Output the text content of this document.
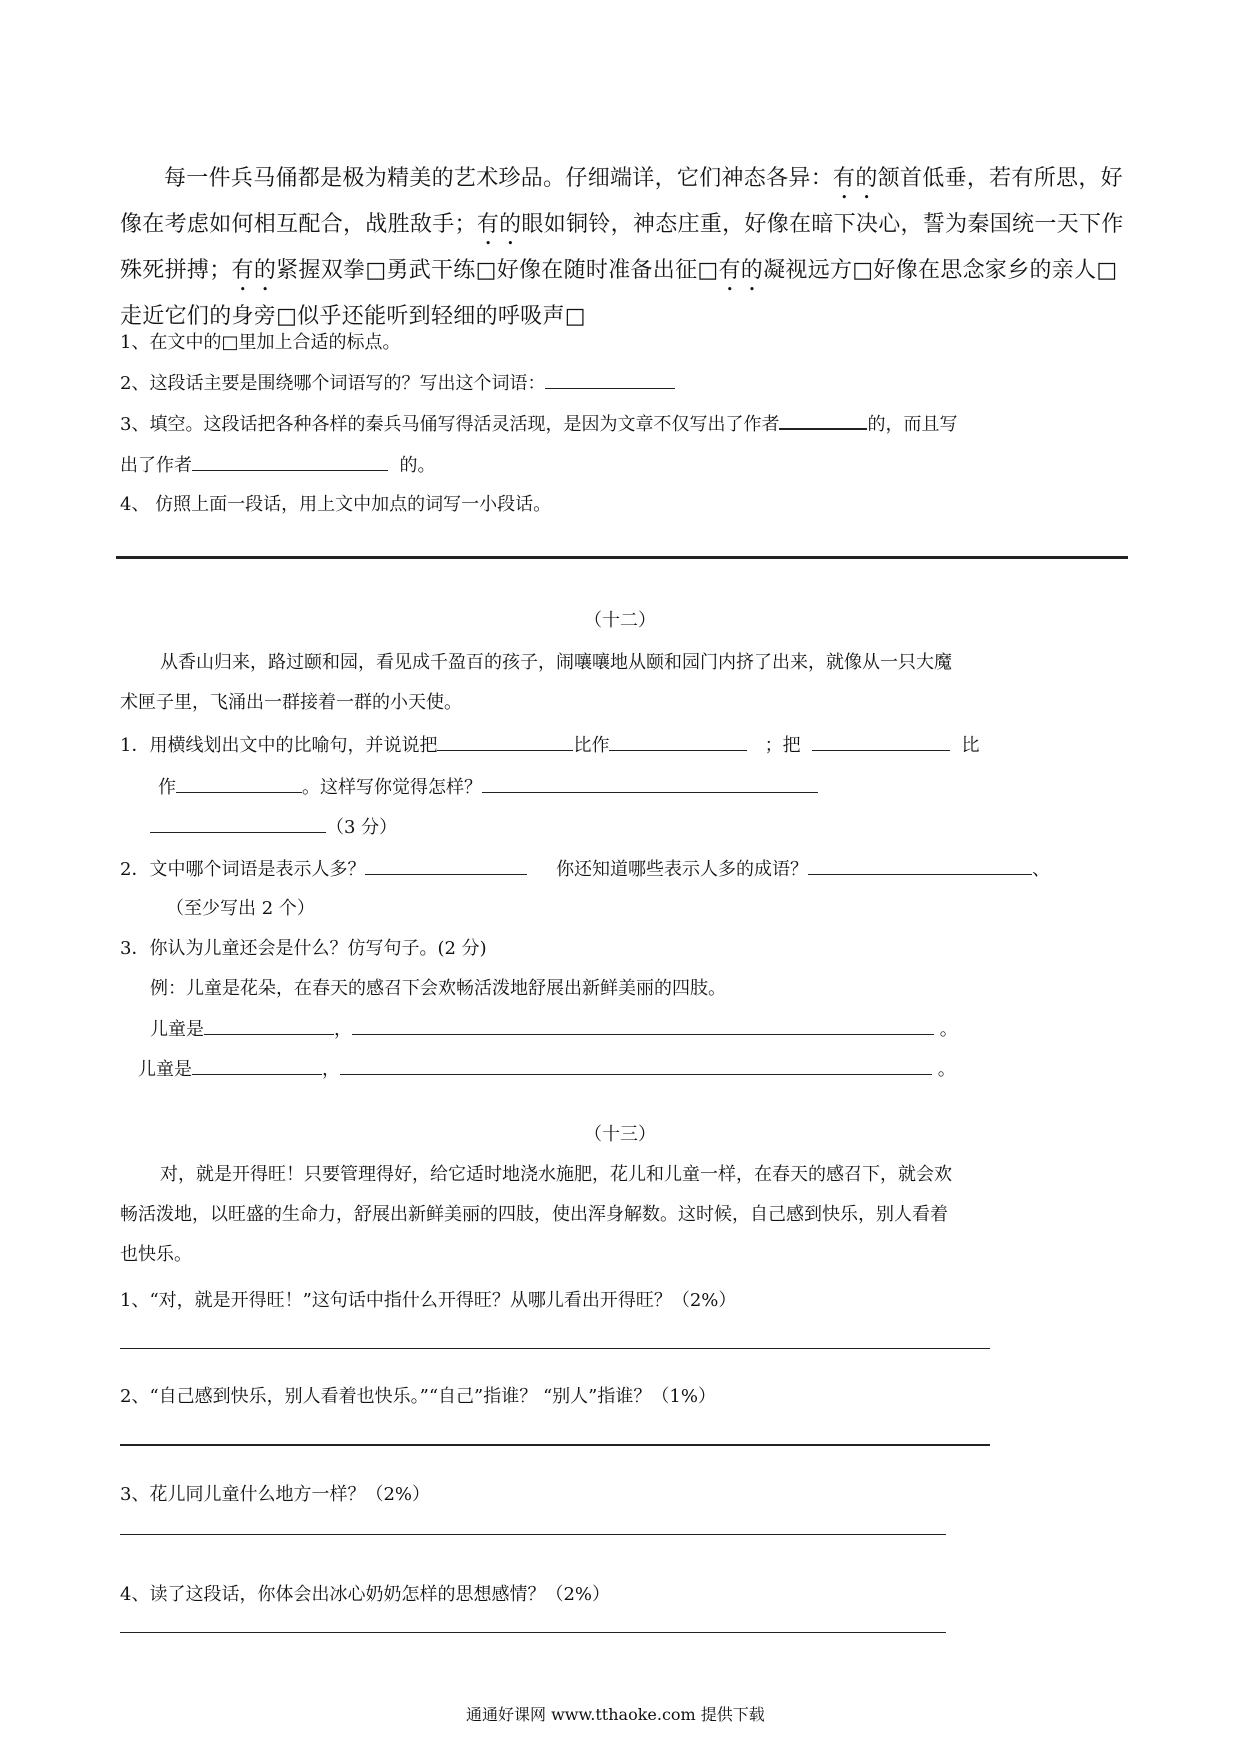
每一件兵马俑都是极为精美的艺术珍品。仔细端详，它们神态各异：有的颔首低垂，若有所思，好像在考虑如何相互配合，战胜敌手；有的眼如铜铃，神态庄重，好像在暗下决心，誓为秦国统一天下作殊死拼搏；有的紧握双拳□勇武干练□好像在随时准备出征□有的凝视远方□好像在思念家乡的亲人□走近它们的身旁□似乎还能听到轻细的呼吸声□
1、在文中的□里加上合适的标点。
2、这段话主要是围绕哪个词语写的？写出这个词语：
3、填空。这段话把各种各样的秦兵马俑写得活灵活现，是因为文章不仅写出了作者	的，而且写
出了作者	的。
4、 仿照上面一段话，用上文中加点的词写一小段话。
（十二）
从香山归来，路过颐和园，看见成千盈百的孩子，闹嚷嚷地从颐和园门内挤了出来，就像从一只大魔
术匣子里，飞涌出一群接着一群的小天使。
1．用横线划出文中的比喻句，并说说把	比作	；把	比
作	。这样写你觉得怎样？
（3 分）
2．文中哪个词语是表示人多？	你还知道哪些表示人多的成语？	、
（至少写出 2 个）
3．你认为儿童还会是什么？仿写句子。(2 分)
例：儿童是花朵，在春天的感召下会欢畅活泼地舒展出新鲜美丽的四肢。
儿童是	，	。
儿童是	，	。
（十三）
对，就是开得旺！只要管理得好，给它适时地浇水施肥，花儿和儿童一样，在春天的感召下，就会欢
畅活泼地，以旺盛的生命力，舒展出新鲜美丽的四肢，使出浑身解数。这时候，自己感到快乐，别人看着
也快乐。
1、“对，就是开得旺！”这句话中指什么开得旺？从哪儿看出开得旺？（2%）
2、“自己感到快乐，别人看着也快乐。”“自己”指谁？ “别人”指谁？（1%）
3、花儿同儿童什么地方一样？（2%）
4、读了这段话，你体会出冰心奶奶怎样的思想感情？（2%）
通通好课网 www.tthaoke.com 提供下载
